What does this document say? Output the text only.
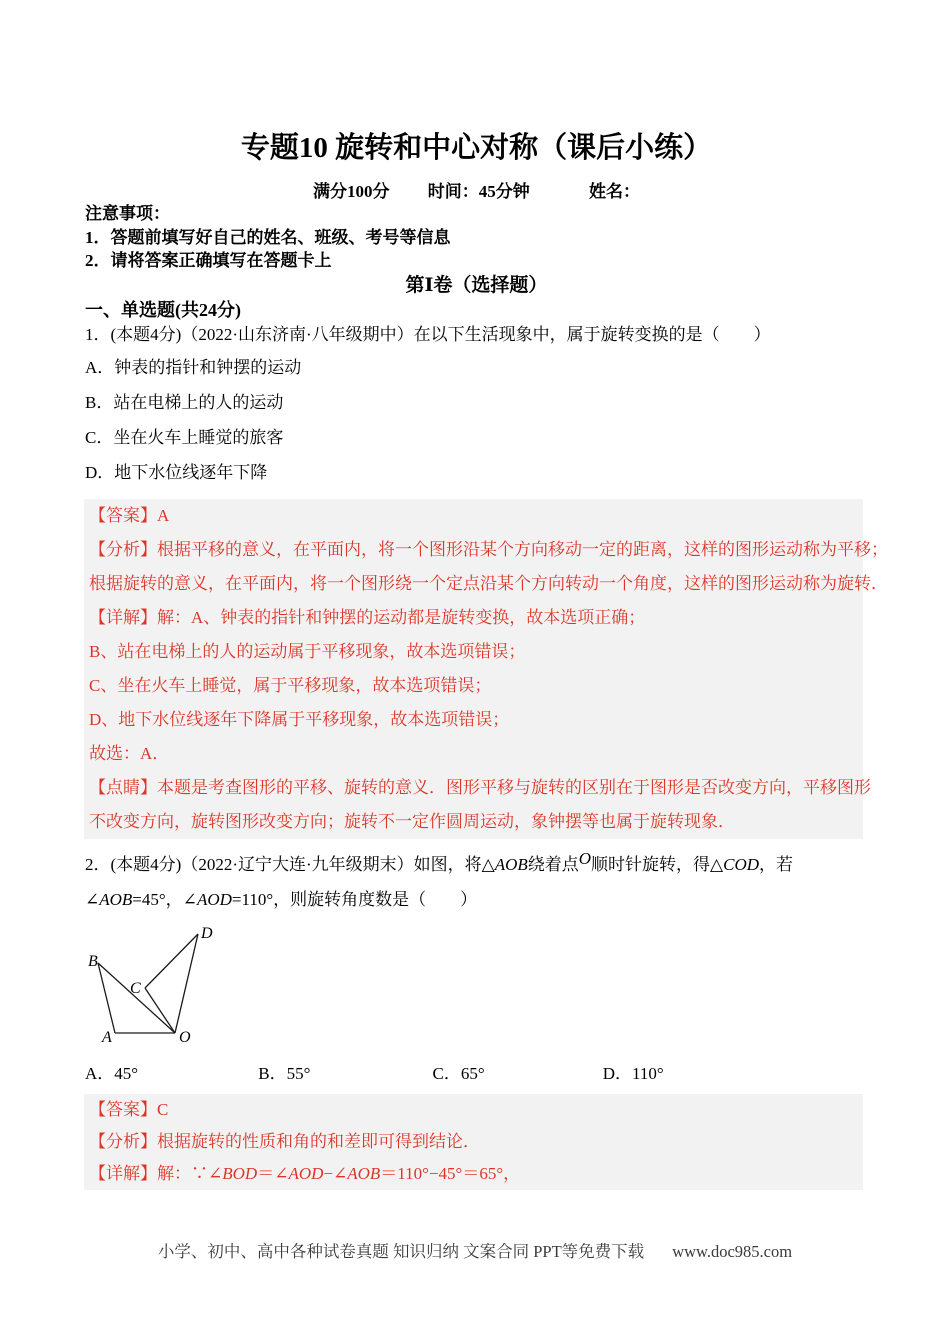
专题10 旋转和中心对称（课后小练）
满分100分 时间：45分钟	姓名：
注意事项：
1．答题前填写好自己的姓名、班级、考号等信息
2．请将答案正确填写在答题卡上
第Ⅰ卷（选择题）
一、单选题(共24分)
1．(本题4分)（2022·山东济南·八年级期中）在以下生活现象中，属于旋转变换的是（　　）
A．钟表的指针和钟摆的运动
B．站在电梯上的人的运动
C．坐在火车上睡觉的旅客
D．地下水位线逐年下降
【答案】A
【分析】根据平移的意义，在平面内，将一个图形沿某个方向移动一定的距离，这样的图形运动称为平移；
根据旋转的意义，在平面内，将一个图形绕一个定点沿某个方向转动一个角度，这样的图形运动称为旋转．
【详解】解：A、钟表的指针和钟摆的运动都是旋转变换，故本选项正确；
B、站在电梯上的人的运动属于平移现象，故本选项错误；
C、坐在火车上睡觉，属于平移现象，故本选项错误；
D、地下水位线逐年下降属于平移现象，故本选项错误；
故选：A．
【点睛】本题是考查图形的平移、旋转的意义．图形平移与旋转的区别在于图形是否改变方向，平移图形
不改变方向，旋转图形改变方向；旋转不一定作圆周运动，象钟摆等也属于旋转现象．
2．(本题4分)（2022·辽宁大连·九年级期末）如图，将△AOB绕着点O顺时针旋转，得△COD，若
∠AOB=45°，∠AOD=110°，则旋转角度数是（　　）
B
D
C
A	O
A．45°	B．55°	C．65°	D．110°
【答案】C
【分析】根据旋转的性质和角的和差即可得到结论．
【详解】解：∵∠BOD＝∠AOD−∠AOB＝110°−45°＝65°，
小学、初中、高中各种试卷真题 知识归纳 文案合同 PPT等免费下载 www.doc985.com
